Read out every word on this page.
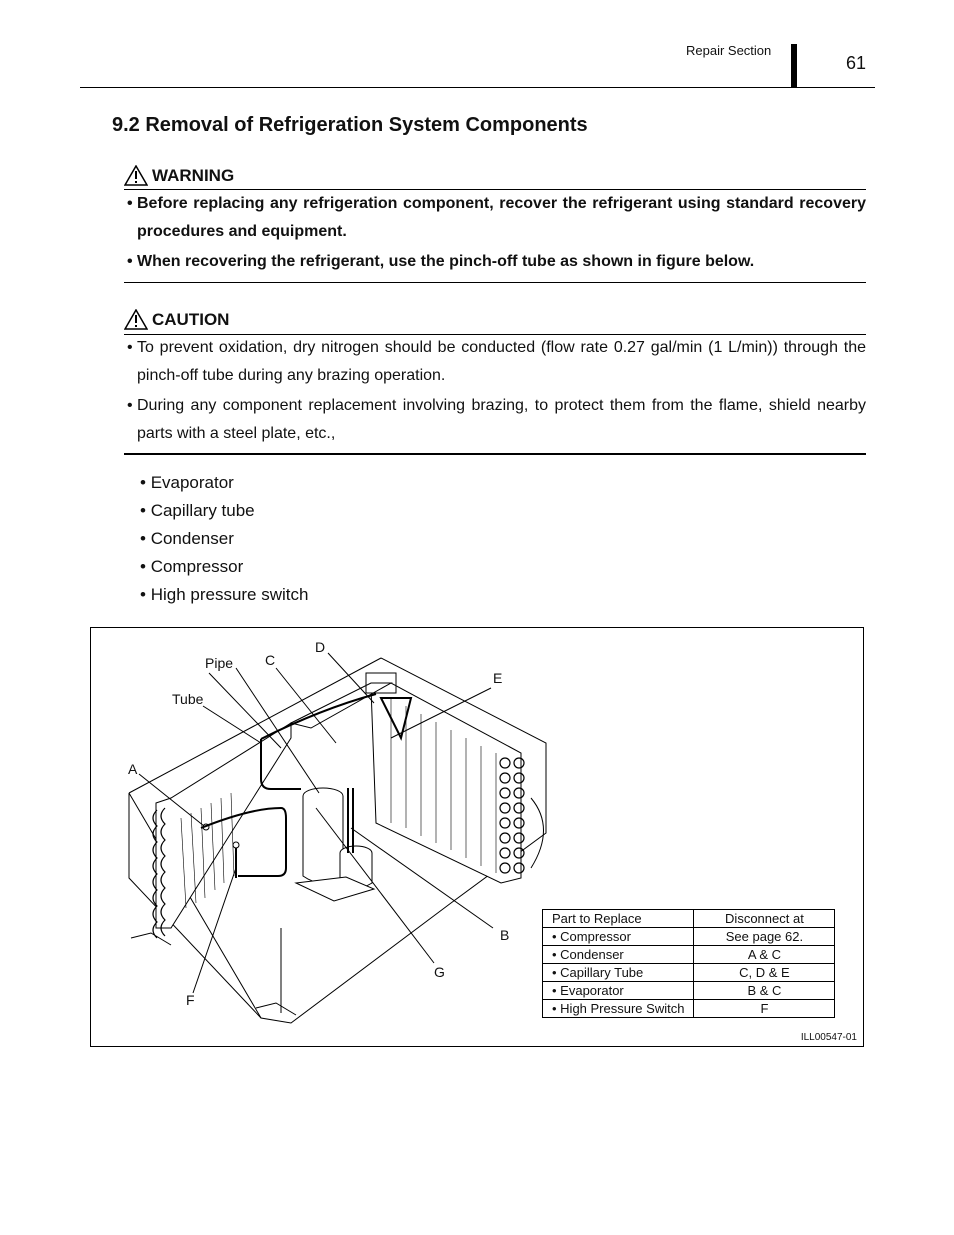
Repair Section
61
9.2 Removal of Refrigeration System Components
WARNING
• Before replacing any refrigeration component, recover the refrigerant using standard recovery procedures and equipment.
• When recovering the refrigerant, use the pinch-off tube as shown in figure below.
CAUTION
• To prevent oxidation, dry nitrogen should be conducted (flow rate 0.27 gal/min (1 L/min)) through the pinch-off tube during any brazing operation.
• During any component replacement involving brazing, to protect them from the flame, shield nearby parts with a steel plate, etc.,
• Evaporator
• Capillary tube
• Condenser
• Compressor
• High pressure switch
Pipe
Tube
C
D
E
A
B
G
F
Part to Replace	Disconnect at
• Compressor	See page 62.
• Condenser	A & C
• Capillary Tube	C, D & E
• Evaporator	B & C
• High Pressure Switch	F
ILL00547-01
